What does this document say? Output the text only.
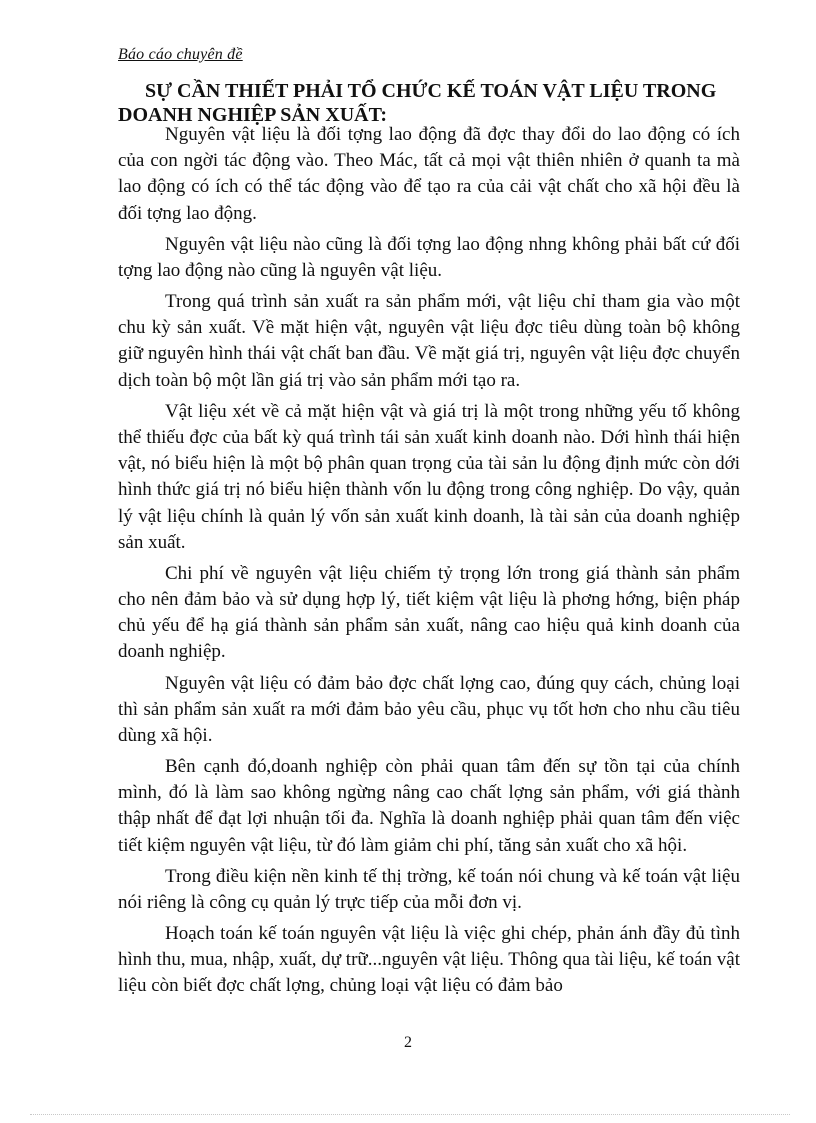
Báo cáo chuyên đề
SỰ CẦN THIẾT PHẢI TỔ CHỨC KẾ TOÁN VẬT LIỆU TRONG DOANH NGHIỆP SẢN XUẤT:

Nguyên vật liệu là đối tợng lao động đã đợc thay đổi do lao động có ích của con ngời tác động vào. Theo Mác, tất cả mọi vật thiên nhiên ở quanh ta mà lao động có ích có thể tác động vào để tạo ra của cải vật chất cho xã hội đều là đối tợng lao động.

Nguyên vật liệu nào cũng là đối tợng lao động nhng không phải bất cứ đối tợng lao động nào cũng là nguyên vật liệu.

Trong quá trình sản xuất ra sản phẩm mới, vật liệu chỉ tham gia vào một chu kỳ sản xuất. Về mặt hiện vật, nguyên vật liệu đợc tiêu dùng toàn bộ không giữ nguyên hình thái vật chất ban đầu. Về mặt giá trị, nguyên vật liệu đợc chuyển dịch toàn bộ một lần giá trị vào sản phẩm mới tạo ra.

Vật liệu xét về cả mặt hiện vật và giá trị là một trong những yếu tố không thể thiếu đợc của bất kỳ quá trình tái sản xuất kinh doanh nào. Dới hình thái hiện vật, nó biểu hiện là một bộ phân quan trọng của tài sản lu động định mức còn dới hình thức giá trị nó biểu hiện thành vốn lu động trong công nghiệp. Do vậy, quản lý vật liệu chính là quản lý vốn sản xuất kinh doanh, là tài sản của doanh nghiệp sản xuất.

Chi phí về nguyên vật liệu chiếm tỷ trọng lớn trong giá thành sản phẩm cho nên đảm bảo và sử dụng hợp lý, tiết kiệm vật liệu là phơng hớng, biện pháp chủ yếu để hạ giá thành sản phẩm sản xuất, nâng cao hiệu quả kinh doanh của doanh nghiệp.

Nguyên vật liệu có đảm bảo đợc chất lợng cao, đúng quy cách, chủng loại thì sản phẩm sản xuất ra mới đảm bảo yêu cầu, phục vụ tốt hơn cho nhu cầu tiêu dùng xã hội.

Bên cạnh đó,doanh nghiệp còn phải quan tâm đến sự tồn tại của chính mình, đó là làm sao không ngừng nâng cao chất lợng sản phẩm, với giá thành thập nhất để đạt lợi nhuận tối đa. Nghĩa là doanh nghiệp phải quan tâm đến việc tiết kiệm nguyên vật liệu, từ đó làm giảm chi phí, tăng sản xuất cho xã hội.

Trong điều kiện nền kinh tế thị trờng, kế toán nói chung và kế toán vật liệu nói riêng là công cụ quản lý trực tiếp của mỗi đơn vị.

Hoạch toán kế toán nguyên vật liệu là việc ghi chép, phản ánh đầy đủ tình hình thu, mua, nhập, xuất, dự trữ...nguyên vật liệu. Thông qua tài liệu, kế toán vật liệu còn biết đợc chất lợng, chủng loại vật liệu có đảm bảo

2
